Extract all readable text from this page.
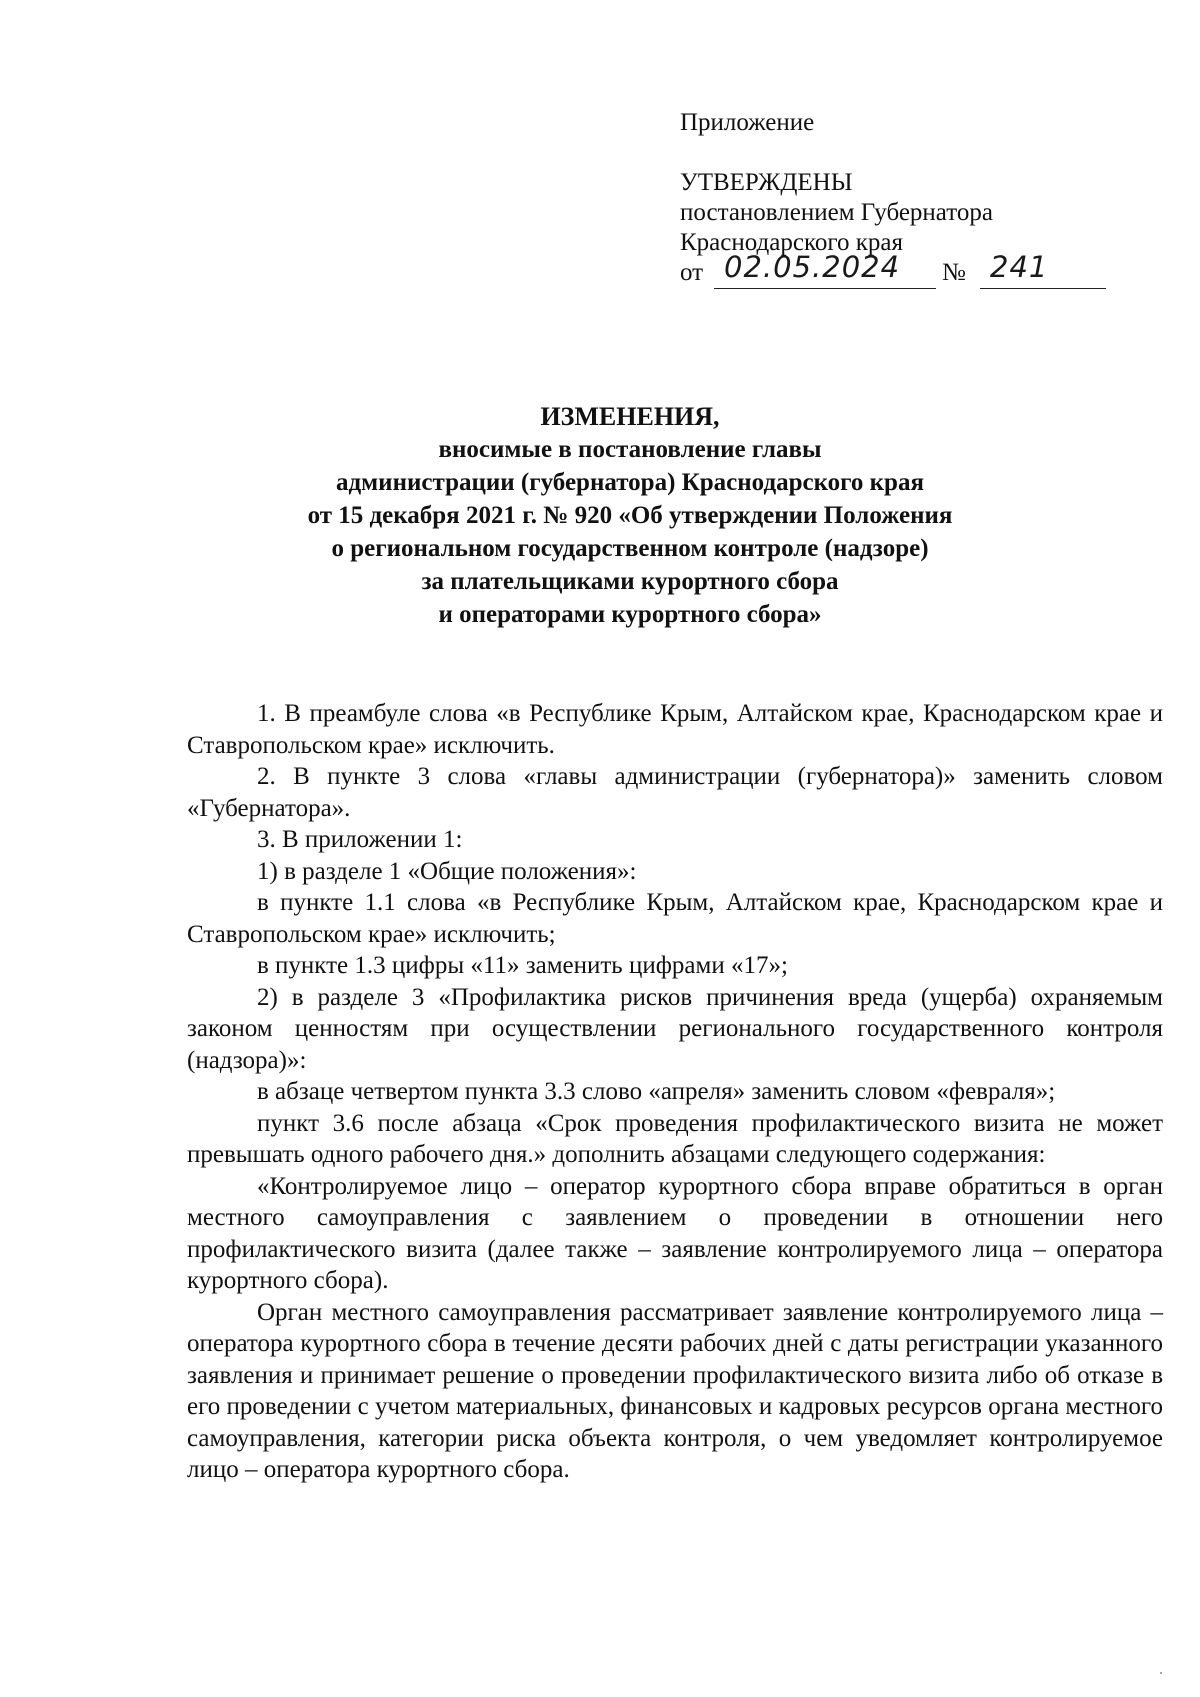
Приложение
УТВЕРЖДЕНЫ
постановлением Губернатора
Краснодарского края
от 02.05.2024 № 241
ИЗМЕНЕНИЯ,
вносимые в постановление главы
администрации (губернатора) Краснодарского края
от 15 декабря 2021 г. № 920 «Об утверждении Положения
о региональном государственном контроле (надзоре)
за плательщиками курортного сбора
и операторами курортного сбора»

1. В преамбуле слова «в Республике Крым, Алтайском крае, Краснодарском крае и Ставропольском крае» исключить.

2. В пункте 3 слова «главы администрации (губернатора)» заменить словом «Губернатора».

3. В приложении 1:

1) в разделе 1 «Общие положения»:

в пункте 1.1 слова «в Республике Крым, Алтайском крае, Краснодарском крае и Ставропольском крае» исключить;

в пункте 1.3 цифры «11» заменить цифрами «17»;

2) в разделе 3 «Профилактика рисков причинения вреда (ущерба) охраняемым законом ценностям при осуществлении регионального государственного контроля (надзора)»:

в абзаце четвертом пункта 3.3 слово «апреля» заменить словом «февраля»;

пункт 3.6 после абзаца «Срок проведения профилактического визита не может превышать одного рабочего дня.» дополнить абзацами следующего содержания:

«Контролируемое лицо – оператор курортного сбора вправе обратиться в орган местного самоуправления с заявлением о проведении в отношении него профилактического визита (далее также – заявление контролируемого лица – оператора курортного сбора).

Орган местного самоуправления рассматривает заявление контролируемого лица – оператора курортного сбора в течение десяти рабочих дней с даты регистрации указанного заявления и принимает решение о проведении профилактического визита либо об отказе в его проведении с учетом материальных, финансовых и кадровых ресурсов органа местного самоуправления, категории риска объекта контроля, о чем уведомляет контролируемое лицо – оператора курортного сбора.
